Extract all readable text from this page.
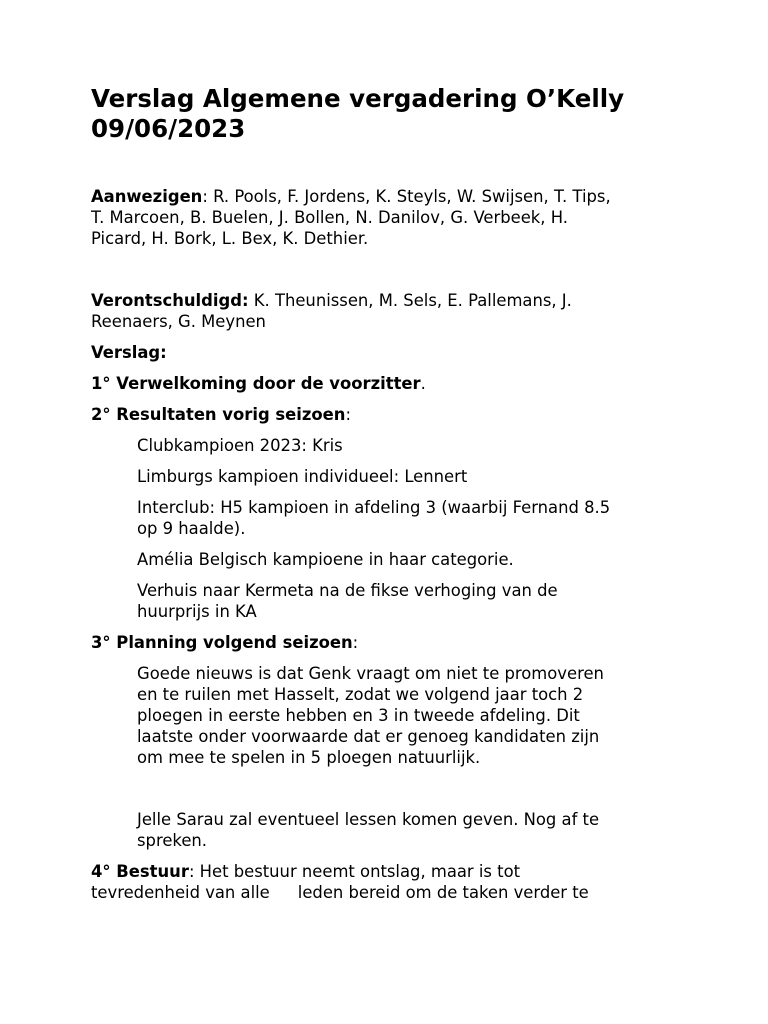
Verslag Algemene vergadering O’Kelly
09/06/2023

Aanwezigen: R. Pools, F. Jordens, K. Steyls, W. Swijsen, T. Tips,
T. Marcoen, B. Buelen, J. Bollen, N. Danilov, G. Verbeek, H.
Picard, H. Bork, L. Bex, K. Dethier.

Verontschuldigd: K. Theunissen, M. Sels, E. Pallemans, J.
Reenaers, G. Meynen

Verslag:

1° Verwelkoming door de voorzitter.

2° Resultaten vorig seizoen:

Clubkampioen 2023: Kris

Limburgs kampioen individueel: Lennert

Interclub: H5 kampioen in afdeling 3 (waarbij Fernand 8.5
op 9 haalde).

Amélia Belgisch kampioene in haar categorie.

Verhuis naar Kermeta na de fikse verhoging van de
huurprijs in KA

3° Planning volgend seizoen:

Goede nieuws is dat Genk vraagt om niet te promoveren
en te ruilen met Hasselt, zodat we volgend jaar toch 2
ploegen in eerste hebben en 3 in tweede afdeling. Dit
laatste onder voorwaarde dat er genoeg kandidaten zijn
om mee te spelen in 5 ploegen natuurlijk.

Jelle Sarau zal eventueel lessen komen geven. Nog af te
spreken.

4° Bestuur: Het bestuur neemt ontslag, maar is tot
tevredenheid van alle leden bereid om de taken verder te
